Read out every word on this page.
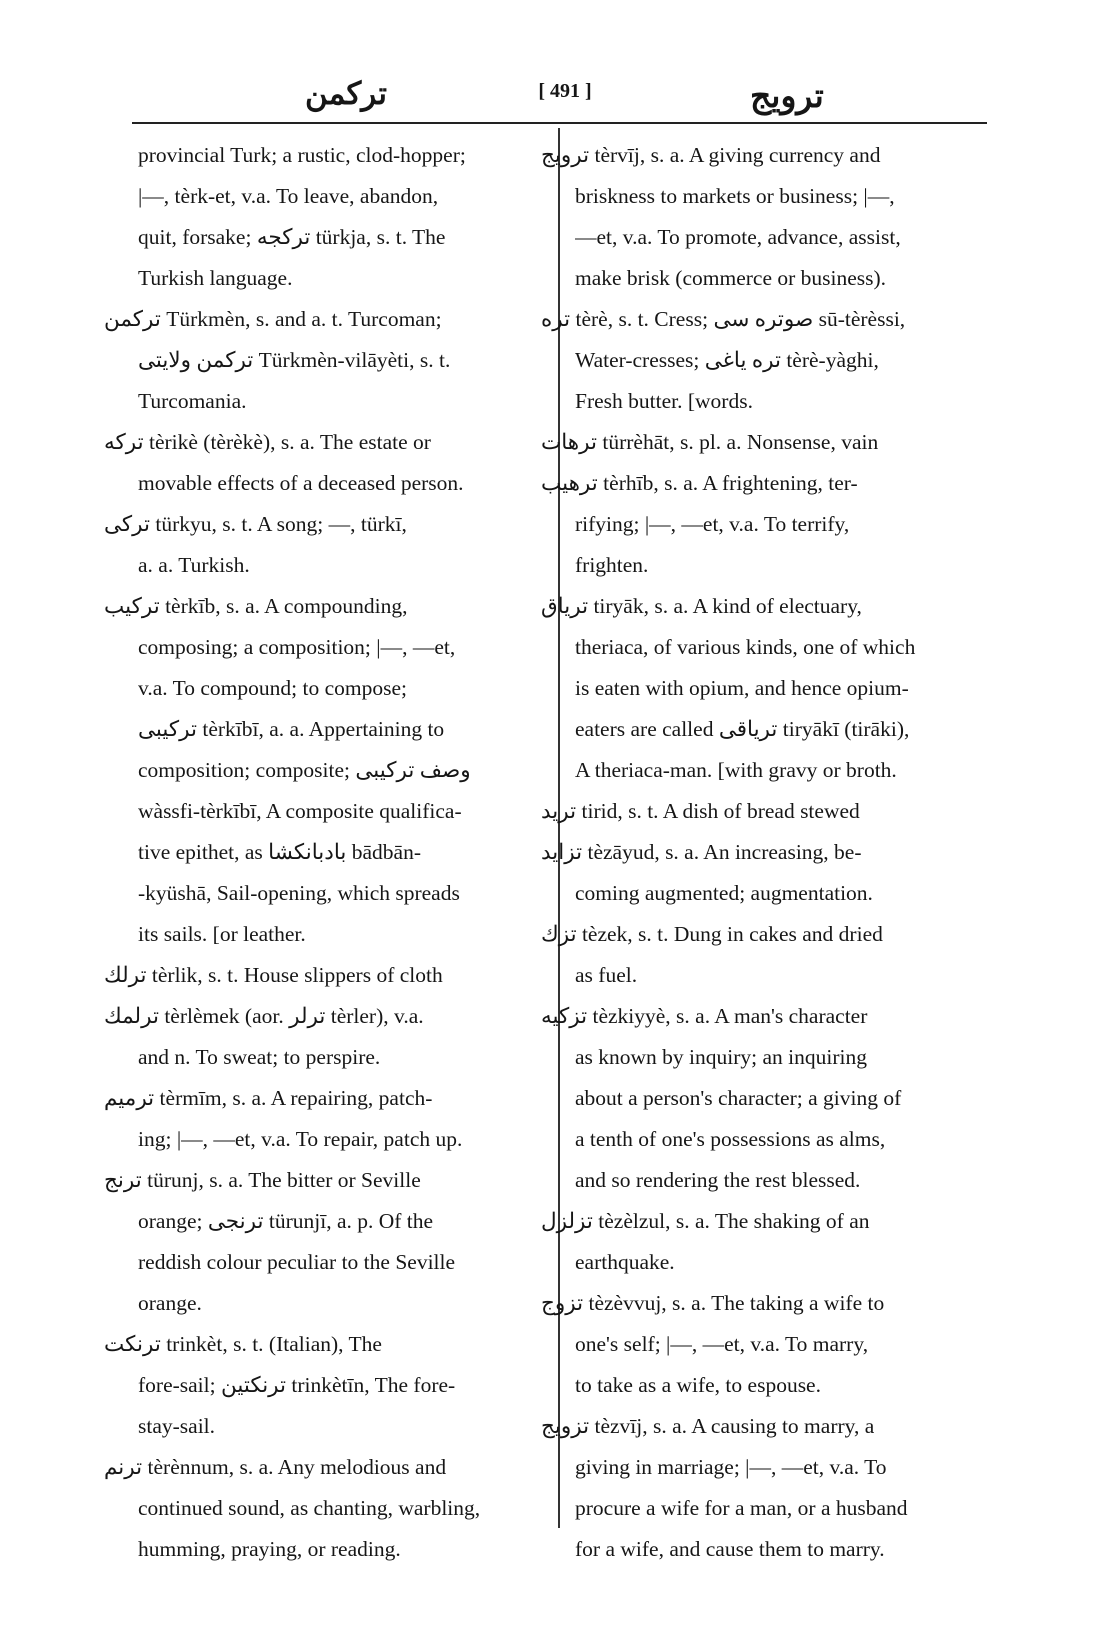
ترکمن	[ 491 ]	ترویج
provincial Turk; a rustic, clod-hopper;
|—, tèrk-et, v.a. To leave, abandon,
quit, forsake; ترکجه türkja, s. t. The
Turkish language.
ترکمن Türkmèn, s. and a. t. Turcoman;
ترکمن ولایتی Türkmèn-vilāyèti, s. t.
Turcomania.
ترکه tèrikè (tèrèkè), s. a. The estate or
movable effects of a deceased person.
ترکی türkyu, s. t. A song; —, türkī,
a. a. Turkish.
ترکیب tèrkīb, s. a. A compounding,
composing; a composition; |—, —et,
v.a. To compound; to compose;
ترکیبی tèrkībī, a. a. Appertaining to
composition; composite; وصف ترکیبی
wàssfi-tèrkībī, A composite qualifica-
tive epithet, as بادبانکشا bādbān-
-kyüshā, Sail-opening, which spreads
its sails. [or leather.
ترلك tèrlik, s. t. House slippers of cloth
ترلمك tèrlèmek (aor. ترلر tèrler), v.a.
and n. To sweat; to perspire.
ترمیم tèrmīm, s. a. A repairing, patch-
ing; |—, —et, v.a. To repair, patch up.
ترنج türunj, s. a. The bitter or Seville
orange; ترنجی türunjī, a. p. Of the
reddish colour peculiar to the Seville
orange.
ترنکت trinkèt, s. t. (Italian), The
fore-sail; ترنکتین trinkètīn, The fore-
stay-sail.
ترنم tèrènnum, s. a. Any melodious and
continued sound, as chanting, warbling,
humming, praying, or reading.
ترویج tèrvīj, s. a. A giving currency and
briskness to markets or business; |—,
—et, v.a. To promote, advance, assist,
make brisk (commerce or business).
تره tèrè, s. t. Cress; صوتره سی sū-tèrèssi,
Water-cresses; تره یاغی tèrè-yàghi,
Fresh butter. [words.
ترهات türrèhāt, s. pl. a. Nonsense, vain
ترهیب tèrhīb, s. a. A frightening, ter-
rifying; |—, —et, v.a. To terrify,
frighten.
تریاق tiryāk, s. a. A kind of electuary,
theriaca, of various kinds, one of which
is eaten with opium, and hence opium-
eaters are called تریاقی tiryākī (tirāki),
A theriaca-man. [with gravy or broth.
ترید tirid, s. t. A dish of bread stewed
تزاید tèzāyud, s. a. An increasing, be-
coming augmented; augmentation.
تزك tèzek, s. t. Dung in cakes and dried
as fuel.
تزکیه tèzkiyyè, s. a. A man's character
as known by inquiry; an inquiring
about a person's character; a giving of
a tenth of one's possessions as alms,
and so rendering the rest blessed.
تزلزل tèzèlzul, s. a. The shaking of an
earthquake.
تزوج tèzèvvuj, s. a. The taking a wife to
one's self; |—, —et, v.a. To marry,
to take as a wife, to espouse.
تزویج tèzvīj, s. a. A causing to marry, a
giving in marriage; |—, —et, v.a. To
procure a wife for a man, or a husband
for a wife, and cause them to marry.
